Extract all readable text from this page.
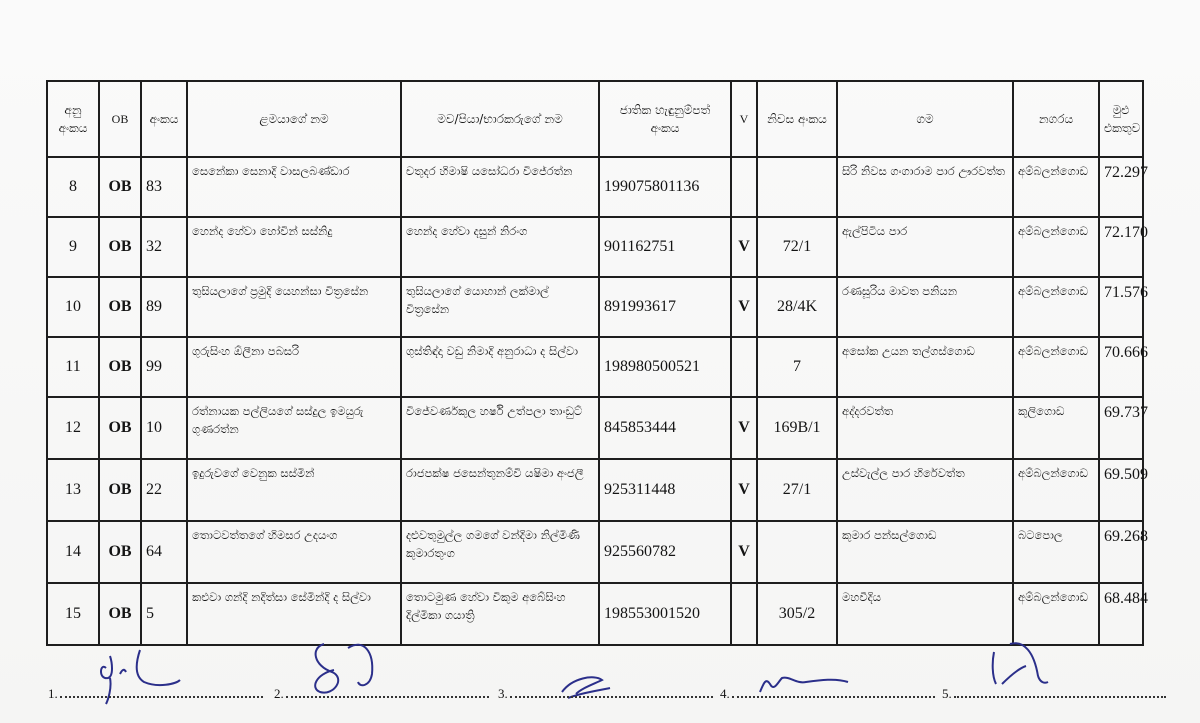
අනු අංකය	OB	අංකය	ළමයාගේ නම	මව/පියා/භාරකරුගේ නම	ජාතික හැඳුනුම්පත් අංකය	V	නිවස අංකය	ගම	නගරය	මුළු එකතුව
8	OB	83	සෙනේකා සෙනාදි වාසලබණ්ඩාර	චතුදර හිමාෂි යසෝධරා විජේරත්න	199075801136			සිරි නිවස ගංගාරාම පාර ඌරවත්ත	අම්බලන්ගොඩ	72.297
9	OB	32	හෙන්ද හේවා හෝවින් සස්නිදු	හෙන්ද හේවා දසුන් නිරංග	901162751	V	72/1	ඇල්පිටිය පාර	අම්බලන්ගොඩ	72.170
10	OB	89	තුසියලාගේ ප්‍රමුදි යෙහන්සා විත්‍රසේන	තුසියලාගේ යොහාන් ලක්මාල් විත්‍රසේන	891993617	V	28/4K	රණසූරිය මාවත පනියන	අම්බලන්ගොඩ	71.576
11	OB	99	ගුරුසිංහ ඕලීනා පබසරි	ගුස්තිඳ්දා වඩු නිමාදි අනුරාධා ද සිල්වා	198980500521		7	අසෝක උයන තල්ගස්ගොඩ	අම්බලන්ගොඩ	70.666
12	OB	10	රත්නායක පල්ලියගේ සස්දුල ඉමයුරු ගුණරත්න	විජේවර්ණකුල හර්ෂි උත්පලා තාංඩුට්	845853444	V	169B/1	අද්දරවත්ත	කුලිගොඩ	69.737
13	OB	22	ඉදුරුවගේ වෙනුක සස්මින්	රාජපක්ෂ ජසෙන්තුනම්වි යෂිමා අංජලී	925311448	V	27/1	උස්වැල්ල පාර හිරේවත්ත	අම්බලන්ගොඩ	69.509
14	OB	64	තොටවත්තගේ හිමසර උදයංග	දළුවතුමුල්ල ගමගේ වන්දිමා නිල්මිණි කුමාරතුංග	925560782	V		කුමාර පන්සල්ගොඩ	බටපොල	69.268
15	OB	5	කළුවා ගන්දි නදිත්සා සේමින්දි ද සිල්වා	තොටමුණ හේවා විකුම අබේසිංහ දිල්මිකා ගයාත්‍රි	198553001520		305/2	මහවීදිය	අම්බලන්ගොඩ	68.484
1.	2.	3.	4.	5.
